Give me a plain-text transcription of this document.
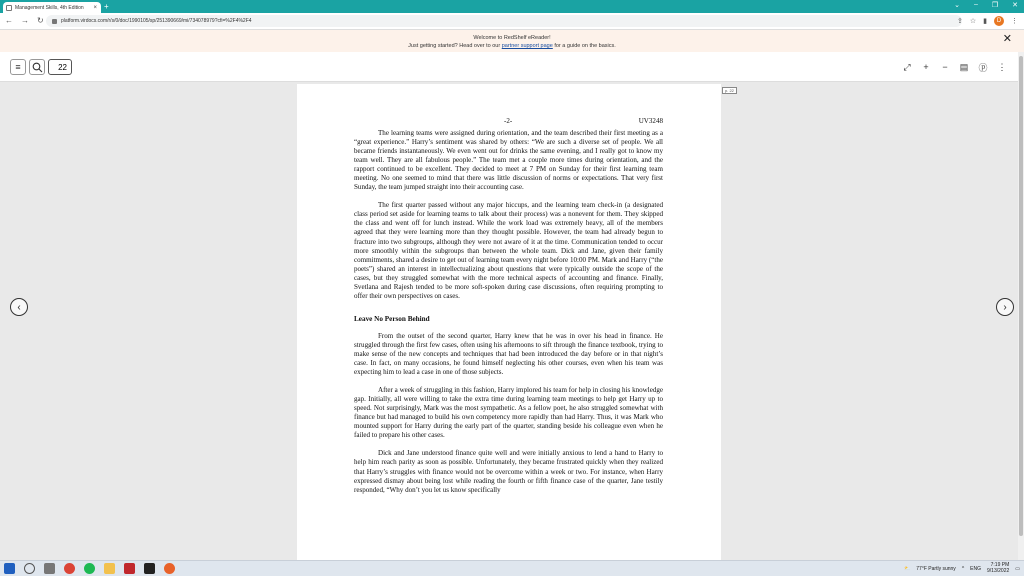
Management Skills, 4th Edition	× +	⌄ – ❐ ✕
← → ↻	platform.virdocs.com/r/s/0/doc/1990105/sp/251390669/mi/734078979?cfi=%2F4%2F4	⇪ ☆ ▮	D	⋮
Welcome to RedShelf eReader!
Just getting started? Head over to our partner support page for a guide on the basics.
✕
≡
22	⤢	+	−	▤	ⓟ	⋮
p. 22
‹	›
-2-	UV3248

The learning teams were assigned during orientation, and the team described their first meeting as a “great experience.” Harry’s sentiment was shared by others: “We are such a diverse set of people. We all became friends instantaneously. We even went out for drinks the same evening, and I really got to know my team well. They are all fabulous people.” The team met a couple more times during orientation, and the rapport continued to be excellent. They decided to meet at 7 PM on Sunday for their first learning team meeting. No one seemed to mind that there was little discussion of norms or expectations. That very first Sunday, the team jumped straight into their accounting case.

The first quarter passed without any major hiccups, and the learning team check-in (a designated class period set aside for learning teams to talk about their process) was a nonevent for them. They skipped the class and went off for lunch instead. While the work load was extremely heavy, all of the members agreed that they were learning more than they thought possible. However, the team had already begun to fracture into two subgroups, although they were not aware of it at the time. Communication tended to occur more smoothly within the subgroups than between the whole team. Dick and Jane, given their family commitments, shared a desire to get out of learning team every night before 10:00 PM. Mark and Harry (“the poets”) shared an interest in intellectualizing about questions that were typically outside the scope of the cases, but they struggled somewhat with the more technical aspects of accounting and finance. Finally, Svetlana and Rajesh tended to be more soft-spoken during case discussions, often requiring prompting to offer their own perspectives on cases.

Leave No Person Behind

From the outset of the second quarter, Harry knew that he was in over his head in finance. He struggled through the first few cases, often using his afternoons to sift through the finance textbook, trying to make sense of the new concepts and techniques that had been introduced the day before or in that night’s case. In fact, on many occasions, he found himself neglecting his other courses, even when his team was expecting him to lead a case in one of those subjects.

After a week of struggling in this fashion, Harry implored his team for help in closing his knowledge gap. Initially, all were willing to take the extra time during learning team meetings to help get Harry up to speed. Not surprisingly, Mark was the most sympathetic. As a fellow poet, he also struggled somewhat with finance but had managed to build his own competency more rapidly than had Harry. Thus, it was Mark who mounted support for Harry during the early part of the quarter, standing beside his colleague even when he failed to prepare his other cases.

Dick and Jane understood finance quite well and were initially anxious to lend a hand to Harry to help him reach parity as soon as possible. Unfortunately, they became frustrated quickly when they realized that Harry’s struggles with finance would not be overcome within a week or two. For instance, when Harry expressed dismay about being lost while reading the fourth or fifth finance case of the quarter, Jane testily responded, “Why don’t you let us know specifically

⛅ 77°F Partly sunny ^ ENG
7:19 PM
9/13/2022 ▭
